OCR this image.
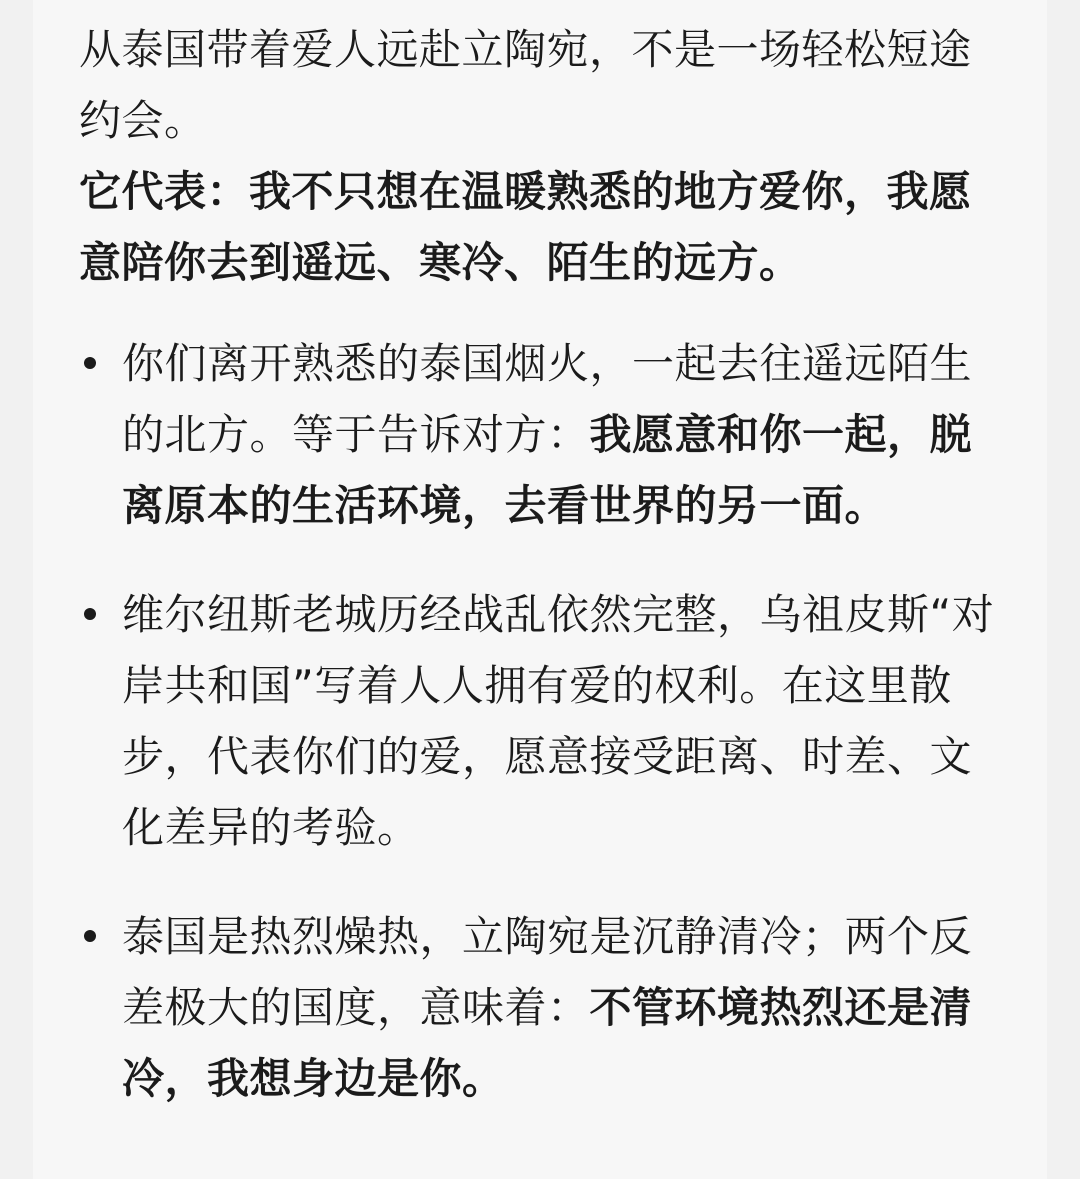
从泰国带着爱人远赴立陶宛，不是一场轻松短途约会。

它代表：我不只想在温暖熟悉的地方爱你，我愿意陪你去到遥远、寒冷、陌生的远方。

你们离开熟悉的泰国烟火，一起去往遥远陌生的北方。等于告诉对方：我愿意和你一起，脱离原本的生活环境，去看世界的另一面。
维尔纽斯老城历经战乱依然完整，乌祖皮斯“对岸共和国”写着人人拥有爱的权利。在这里散步，代表你们的爱，愿意接受距离、时差、文化差异的考验。
泰国是热烈燥热，立陶宛是沉静清冷；两个反差极大的国度，意味着：不管环境热烈还是清冷，我想身边是你。
